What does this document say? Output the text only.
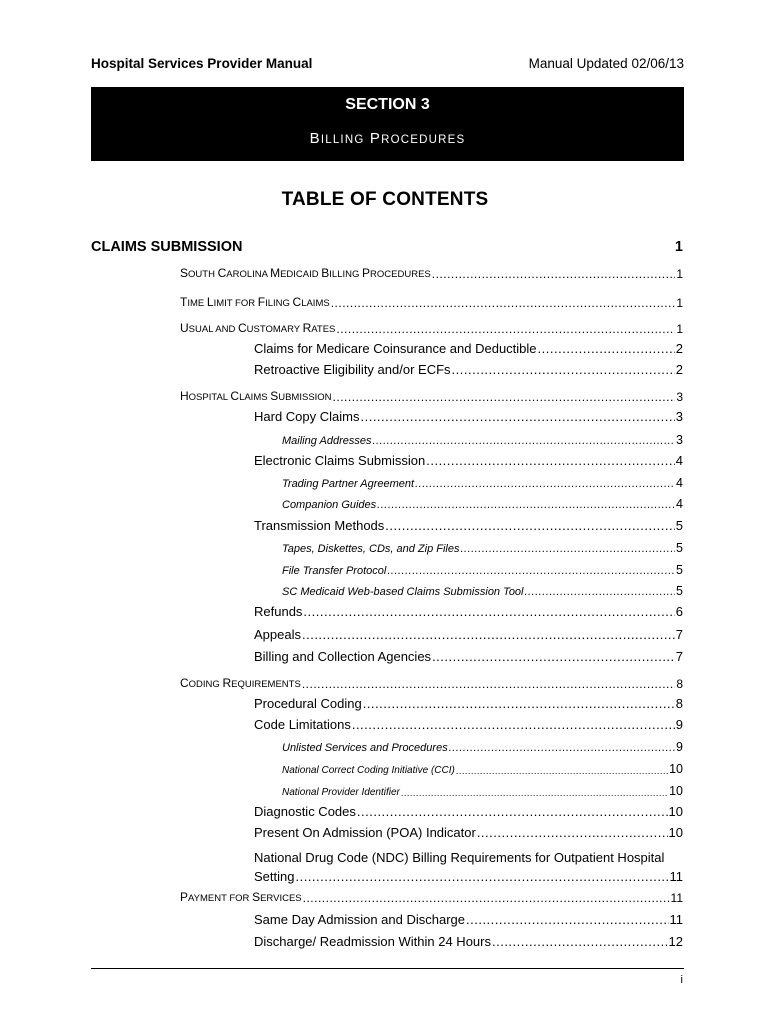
Hospital Services Provider Manual	Manual Updated 02/06/13
SECTION 3
BILLING PROCEDURES
TABLE OF CONTENTS
CLAIMS SUBMISSION	1
SOUTH CAROLINA MEDICAID BILLING PROCEDURES .....	1
TIME LIMIT FOR FILING CLAIMS .....	1
USUAL AND CUSTOMARY RATES .....	1
Claims for Medicare Coinsurance and Deductible .....	2
Retroactive Eligibility and/or ECFs .....	2
HOSPITAL CLAIMS SUBMISSION .....	3
Hard Copy Claims .....	3
Mailing Addresses .....	3
Electronic Claims Submission .....	4
Trading Partner Agreement .....	4
Companion Guides .....	4
Transmission Methods .....	5
Tapes, Diskettes, CDs, and Zip Files .....	5
File Transfer Protocol .....	5
SC Medicaid Web-based Claims Submission Tool .....	5
Refunds .....	6
Appeals .....	7
Billing and Collection Agencies .....	7
CODING REQUIREMENTS .....	8
Procedural Coding .....	8
Code Limitations .....	9
Unlisted Services and Procedures .....	9
National Correct Coding Initiative (CCI) .....	10
National Provider Identifier .....	10
Diagnostic Codes .....	10
Present On Admission (POA) Indicator .....	10
National Drug Code (NDC) Billing Requirements for Outpatient Hospital
Setting .....	11
PAYMENT FOR SERVICES .....	11
Same Day Admission and Discharge .....	11
Discharge/ Readmission Within 24 Hours .....	12
i
